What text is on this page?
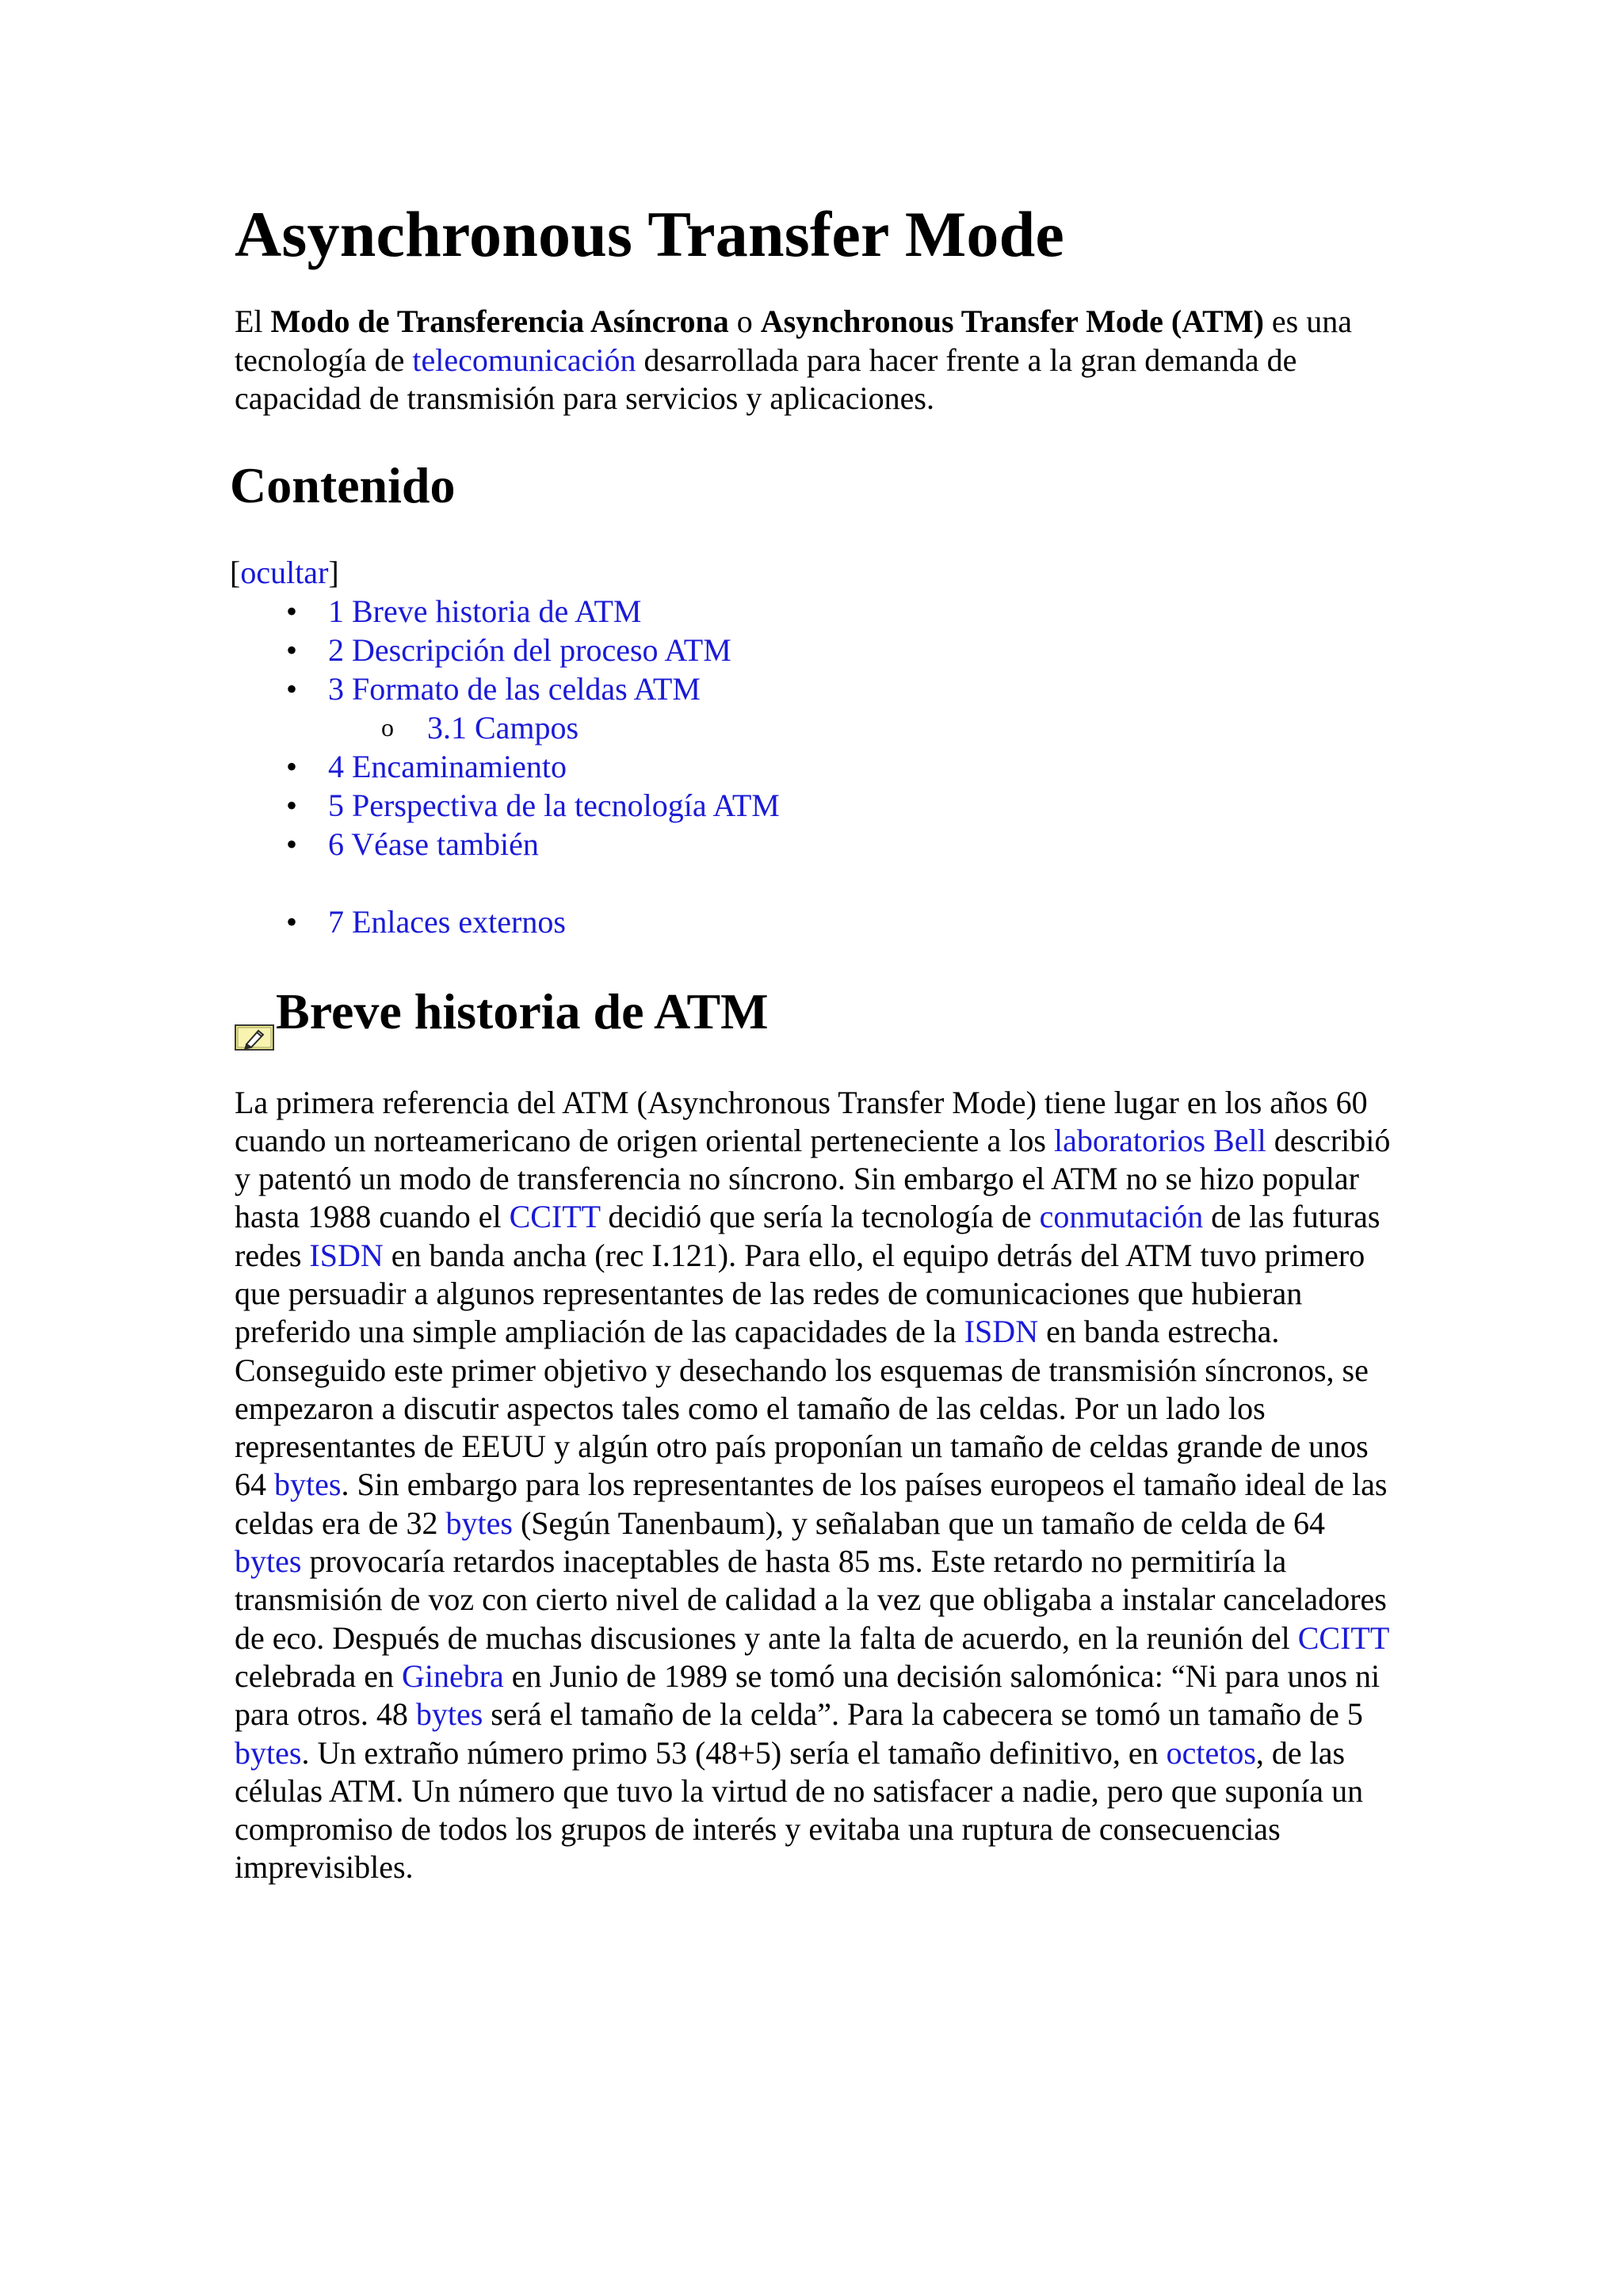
Asynchronous Transfer Mode

El Modo de Transferencia Asíncrona o Asynchronous Transfer Mode (ATM) es una tecnología de telecomunicación desarrollada para hacer frente a la gran demanda de capacidad de transmisión para servicios y aplicaciones.

Contenido
[ocultar]
• 1 Breve historia de ATM
• 2 Descripción del proceso ATM
• 3 Formato de las celdas ATM
o 3.1 Campos
• 4 Encaminamiento
• 5 Perspectiva de la tecnología ATM
• 6 Véase también
• 7 Enlaces externos
Breve historia de ATM

La primera referencia del ATM (Asynchronous Transfer Mode) tiene lugar en los años 60 cuando un norteamericano de origen oriental perteneciente a los laboratorios Bell describió y patentó un modo de transferencia no síncrono. Sin embargo el ATM no se hizo popular hasta 1988 cuando el CCITT decidió que sería la tecnología de conmutación de las futuras redes ISDN en banda ancha (rec I.121). Para ello, el equipo detrás del ATM tuvo primero que persuadir a algunos representantes de las redes de comunicaciones que hubieran preferido una simple ampliación de las capacidades de la ISDN en banda estrecha. Conseguido este primer objetivo y desechando los esquemas de transmisión síncronos, se empezaron a discutir aspectos tales como el tamaño de las celdas. Por un lado los representantes de EEUU y algún otro país proponían un tamaño de celdas grande de unos 64 bytes. Sin embargo para los representantes de los países europeos el tamaño ideal de las celdas era de 32 bytes (Según Tanenbaum), y señalaban que un tamaño de celda de 64 bytes provocaría retardos inaceptables de hasta 85 ms. Este retardo no permitiría la transmisión de voz con cierto nivel de calidad a la vez que obligaba a instalar canceladores de eco. Después de muchas discusiones y ante la falta de acuerdo, en la reunión del CCITT celebrada en Ginebra en Junio de 1989 se tomó una decisión salomónica: “Ni para unos ni para otros. 48 bytes será el tamaño de la celda”. Para la cabecera se tomó un tamaño de 5 bytes. Un extraño número primo 53 (48+5) sería el tamaño definitivo, en octetos, de las células ATM. Un número que tuvo la virtud de no satisfacer a nadie, pero que suponía un compromiso de todos los grupos de interés y evitaba una ruptura de consecuencias imprevisibles.
